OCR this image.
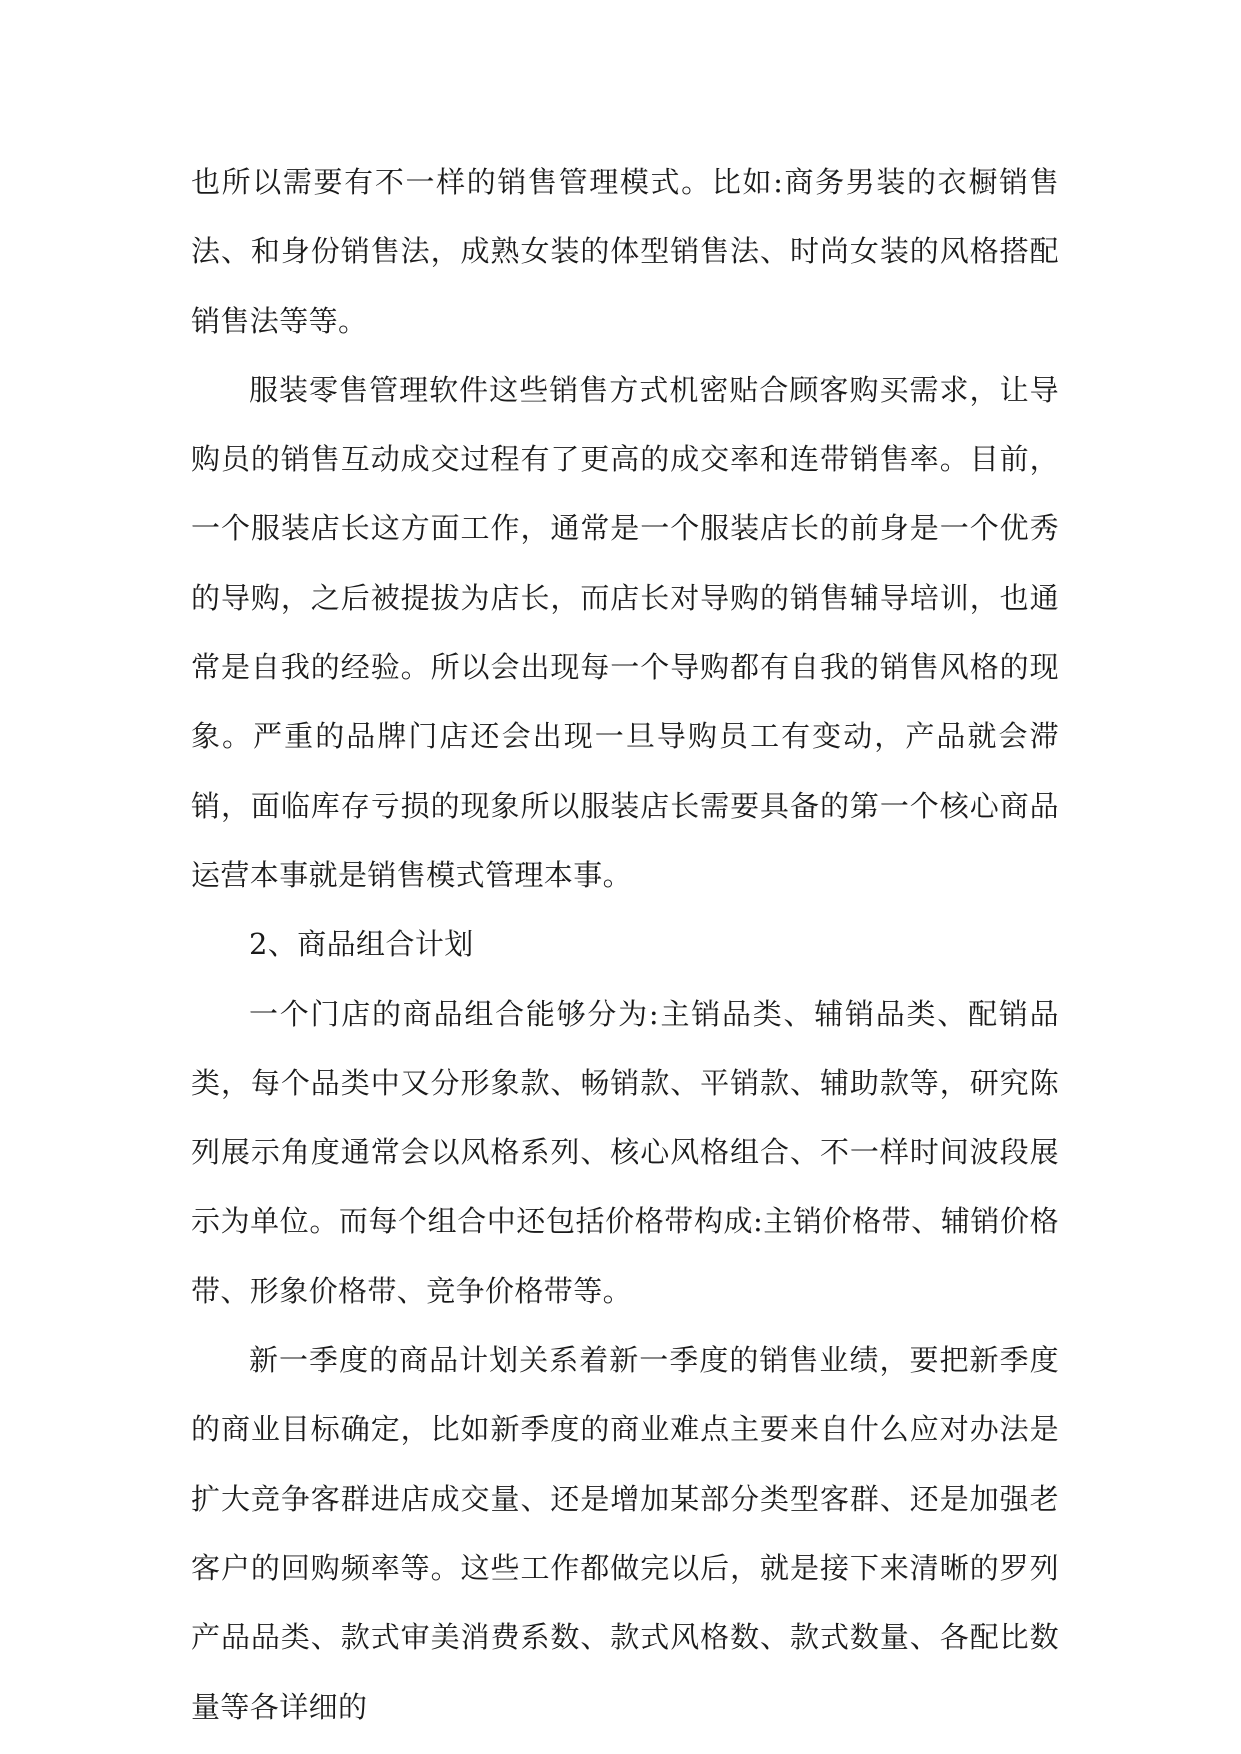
也所以需要有不一样的销售管理模式。比如:商务男装的衣橱销售法、和身份销售法，成熟女装的体型销售法、时尚女装的风格搭配销售法等等。

服装零售管理软件这些销售方式机密贴合顾客购买需求，让导购员的销售互动成交过程有了更高的成交率和连带销售率。目前，一个服装店长这方面工作，通常是一个服装店长的前身是一个优秀的导购，之后被提拔为店长，而店长对导购的销售辅导培训，也通常是自我的经验。所以会出现每一个导购都有自我的销售风格的现象。严重的品牌门店还会出现一旦导购员工有变动，产品就会滞销，面临库存亏损的现象所以服装店长需要具备的第一个核心商品运营本事就是销售模式管理本事。

2、商品组合计划

一个门店的商品组合能够分为:主销品类、辅销品类、配销品类，每个品类中又分形象款、畅销款、平销款、辅助款等，研究陈列展示角度通常会以风格系列、核心风格组合、不一样时间波段展示为单位。而每个组合中还包括价格带构成:主销价格带、辅销价格带、形象价格带、竞争价格带等。

新一季度的商品计划关系着新一季度的销售业绩，要把新季度的商业目标确定，比如新季度的商业难点主要来自什么应对办法是扩大竞争客群进店成交量、还是增加某部分类型客群、还是加强老客户的回购频率等。这些工作都做完以后，就是接下来清晰的罗列产品品类、款式审美消费系数、款式风格数、款式数量、各配比数量等各详细的
